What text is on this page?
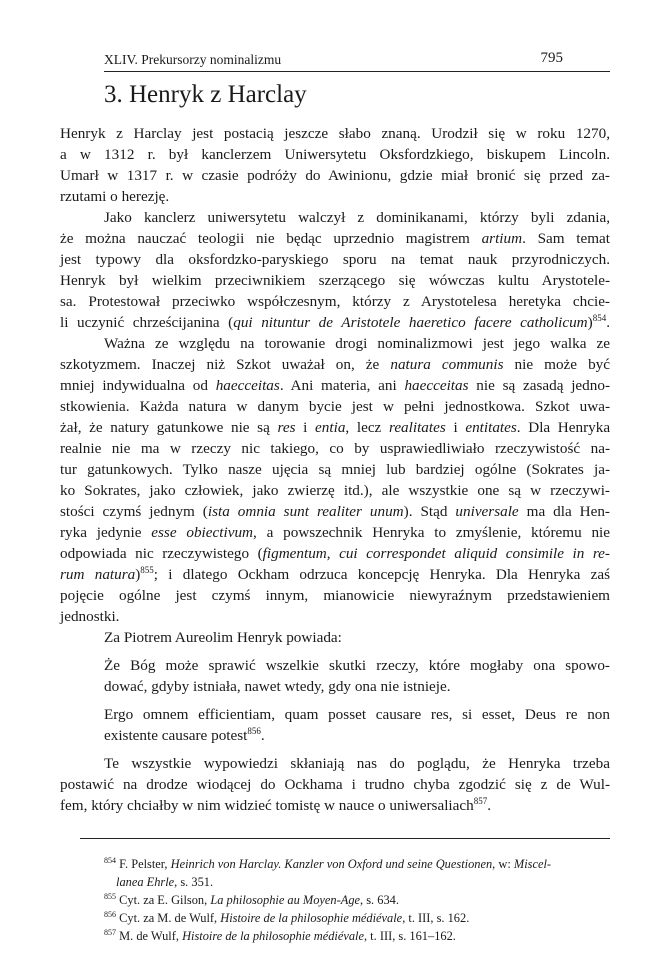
XLIV. Prekursorzy nominalizmu	795
3. Henryk z Harclay

Henryk z Harclay jest postacią jeszcze słabo znaną. Urodził się w roku 1270,

a w 1312 r. był kanclerzem Uniwersytetu Oksfordzkiego, biskupem Lincoln.

Umarł w 1317 r. w czasie podróży do Awinionu, gdzie miał bronić się przed za-

rzutami o herezję.

Jako kanclerz uniwersytetu walczył z dominikanami, którzy byli zdania,

że można nauczać teologii nie będąc uprzednio magistrem artium. Sam temat

jest typowy dla oksfordzko-paryskiego sporu na temat nauk przyrodniczych.

Henryk był wielkim przeciwnikiem szerzącego się wówczas kultu Arystotele-

sa. Protestował przeciwko współczesnym, którzy z Arystotelesa heretyka chcie-

li uczynić chrześcijanina (qui nituntur de Aristotele haeretico facere catholicum)$^{854}$.

Ważna ze względu na torowanie drogi nominalizmowi jest jego walka ze

szkotyzmem. Inaczej niż Szkot uważał on, że natura communis nie może być

mniej indywidualna od haecceitas. Ani materia, ani haecceitas nie są zasadą jedno-

stkowienia. Każda natura w danym bycie jest w pełni jednostkowa. Szkot uwa-

żał, że natury gatunkowe nie są res i entia, lecz realitates i entitates. Dla Henryka

realnie nie ma w rzeczy nic takiego, co by usprawiedliwiało rzeczywistość na-

tur gatunkowych. Tylko nasze ujęcia są mniej lub bardziej ogólne (Sokrates ja-

ko Sokrates, jako człowiek, jako zwierzę itd.), ale wszystkie one są w rzeczywi-

stości czymś jednym (ista omnia sunt realiter unum). Stąd universale ma dla Hen-

ryka jedynie esse obiectivum, a powszechnik Henryka to zmyślenie, któremu nie

odpowiada nic rzeczywistego (figmentum, cui correspondet aliquid consimile in re-

rum natura)$^{855}$; i dlatego Ockham odrzuca koncepcję Henryka. Dla Henryka zaś

pojęcie ogólne jest czymś innym, mianowicie niewyraźnym przedstawieniem

jednostki.

Za Piotrem Aureolim Henryk powiada:

Że Bóg może sprawić wszelkie skutki rzeczy, które mogłaby ona spowo-

dować, gdyby istniała, nawet wtedy, gdy ona nie istnieje.

Ergo omnem efficientiam, quam posset causare res, si esset, Deus re non

existente causare potest$^{856}$.

Te wszystkie wypowiedzi skłaniają nas do poglądu, że Henryka trzeba

postawić na drodze wiodącej do Ockhama i trudno chyba zgodzić się z de Wul-

fem, który chciałby w nim widzieć tomistę w nauce o uniwersaliach$^{857}$.

$^{854}$ F. Pelster, Heinrich von Harclay. Kanzler von Oxford und seine Questionen, w: Miscel-

lanea Ehrle, s. 351.

$^{855}$ Cyt. za E. Gilson, La philosophie au Moyen-Age, s. 634.

$^{856}$ Cyt. za M. de Wulf, Histoire de la philosophie médiévale, t. III, s. 162.

$^{857}$ M. de Wulf, Histoire de la philosophie médiévale, t. III, s. 161–162.
